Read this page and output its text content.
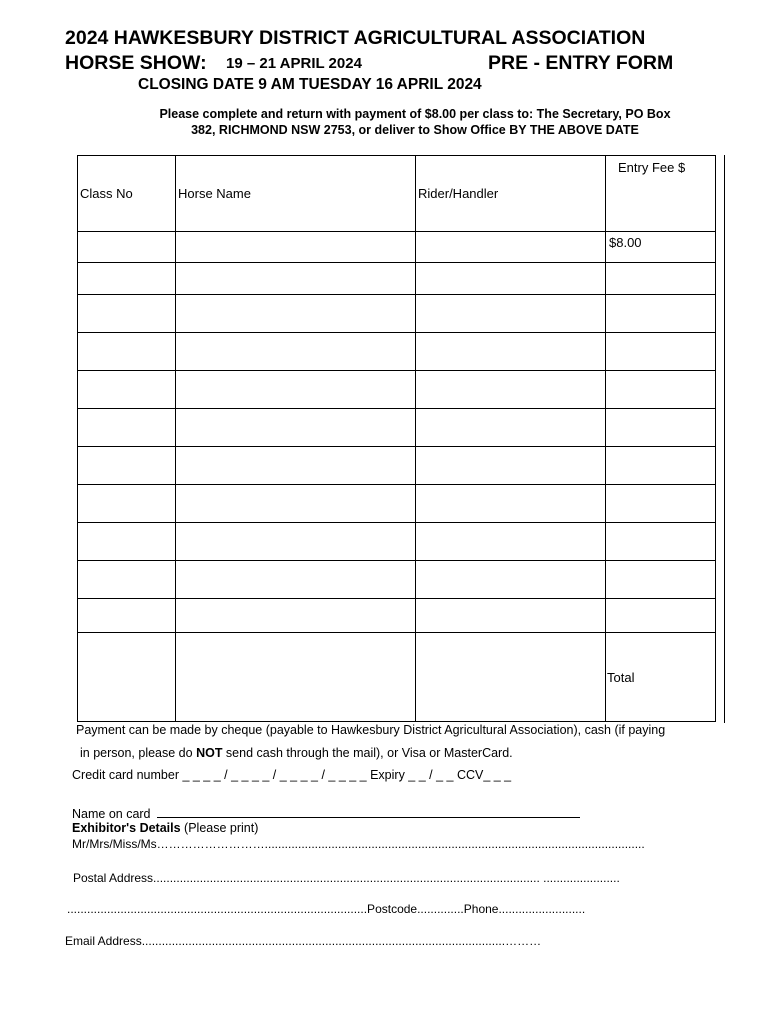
2024 HAWKESBURY DISTRICT AGRICULTURAL ASSOCIATION
HORSE SHOW: 19 – 21 APRIL 2024	PRE - ENTRY FORM
CLOSING DATE 9 AM TUESDAY 16 APRIL 2024
Please complete and return with payment of $8.00 per class to: The Secretary, PO Box
382, RICHMOND NSW 2753, or deliver to Show Office BY THE ABOVE DATE
Class No	Horse Name	Rider/Handler	Entry Fee $

			$8.00

			Total
Payment can be made by cheque (payable to Hawkesbury District Agricultural Association), cash (if paying
in person, please do NOT send cash through the mail), or Visa or MasterCard.
Credit card number _ _ _ _ / _ _ _ _ / _ _ _ _ / _ _ _ _ Expiry _ _ / _ _ CCV_ _ _
Name on card
Exhibitor's Details (Please print)
Mr/Mrs/Miss/Ms………………………..................................................................................................................
Postal Address.................................................................................................................... .......................
..........................................................................................Postcode..............Phone..........................
Email Address.............................................................................................................………
